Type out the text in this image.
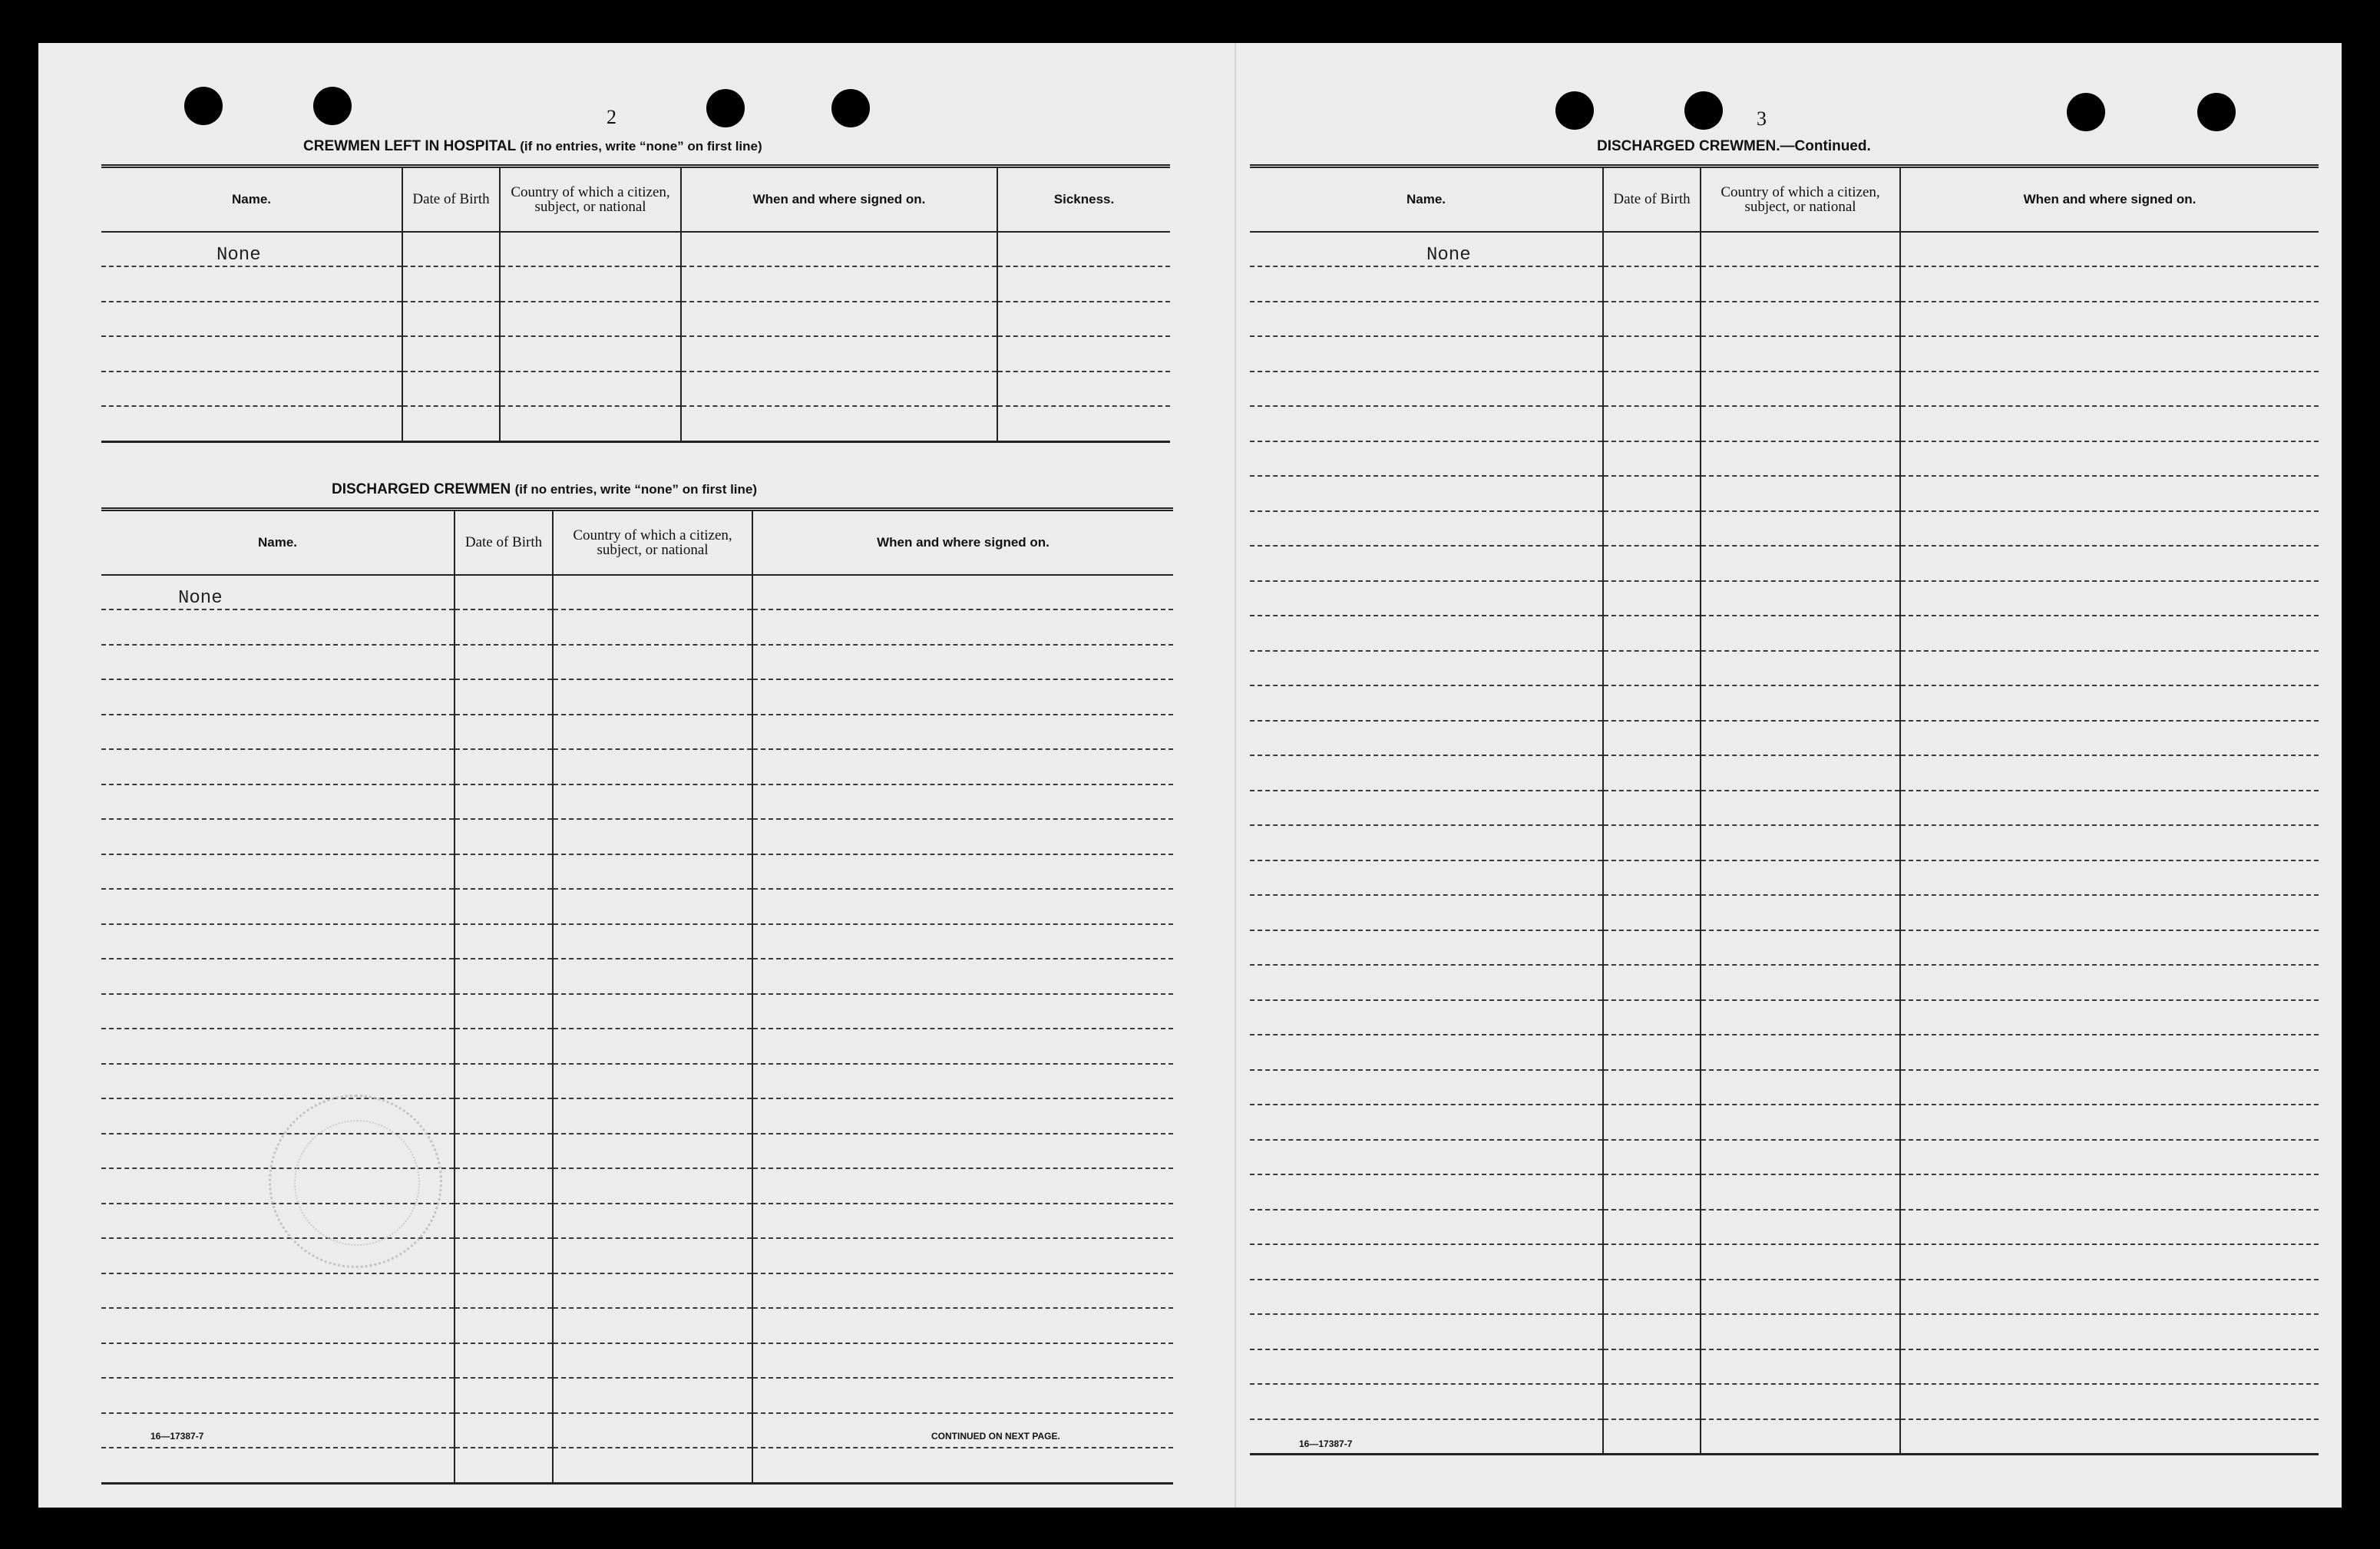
2
CREWMEN LEFT IN HOSPITAL (if no entries, write “none” on first line)
Name.	Date of Birth	Country of which a citizen, subject, or national	When and where signed on.	Sickness.
None				

DISCHARGED CREWMEN (if no entries, write “none” on first line)
Name.	Date of Birth	Country of which a citizen, subject, or national	When and where signed on.
None			

16—17387-7	CONTINUED ON NEXT PAGE.
3
DISCHARGED CREWMEN.—Continued.
Name.	Date of Birth	Country of which a citizen, subject, or national	When and where signed on.
None			

16—17387-7
